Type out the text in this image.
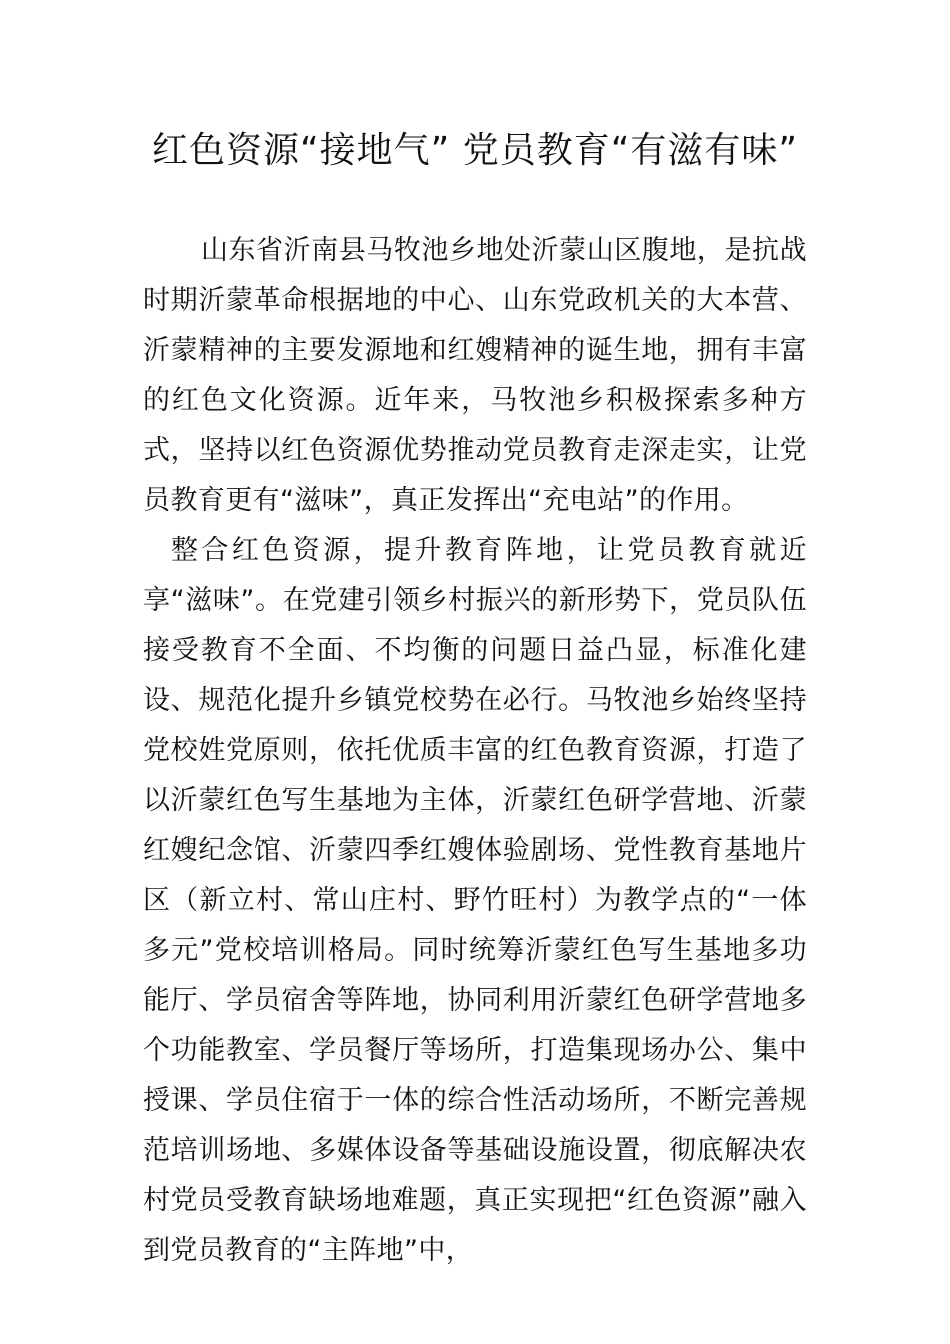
红色资源“接地气” 党员教育“有滋有味”

山东省沂南县马牧池乡地处沂蒙山区腹地，是抗战时期沂蒙革命根据地的中心、山东党政机关的大本营、沂蒙精神的主要发源地和红嫂精神的诞生地，拥有丰富的红色文化资源。近年来，马牧池乡积极探索多种方式，坚持以红色资源优势推动党员教育走深走实，让党员教育更有“滋味”，真正发挥出“充电站”的作用。

整合红色资源，提升教育阵地，让党员教育就近享“滋味”。在党建引领乡村振兴的新形势下，党员队伍接受教育不全面、不均衡的问题日益凸显，标准化建设、规范化提升乡镇党校势在必行。马牧池乡始终坚持党校姓党原则，依托优质丰富的红色教育资源，打造了以沂蒙红色写生基地为主体，沂蒙红色研学营地、沂蒙红嫂纪念馆、沂蒙四季红嫂体验剧场、党性教育基地片区（新立村、常山庄村、野竹旺村）为教学点的“一体多元”党校培训格局。同时统筹沂蒙红色写生基地多功能厅、学员宿舍等阵地，协同利用沂蒙红色研学营地多个功能教室、学员餐厅等场所，打造集现场办公、集中授课、学员住宿于一体的综合性活动场所，不断完善规范培训场地、多媒体设备等基础设施设置，彻底解决农村党员受教育缺场地难题，真正实现把“红色资源”融入到党员教育的“主阵地”中，
